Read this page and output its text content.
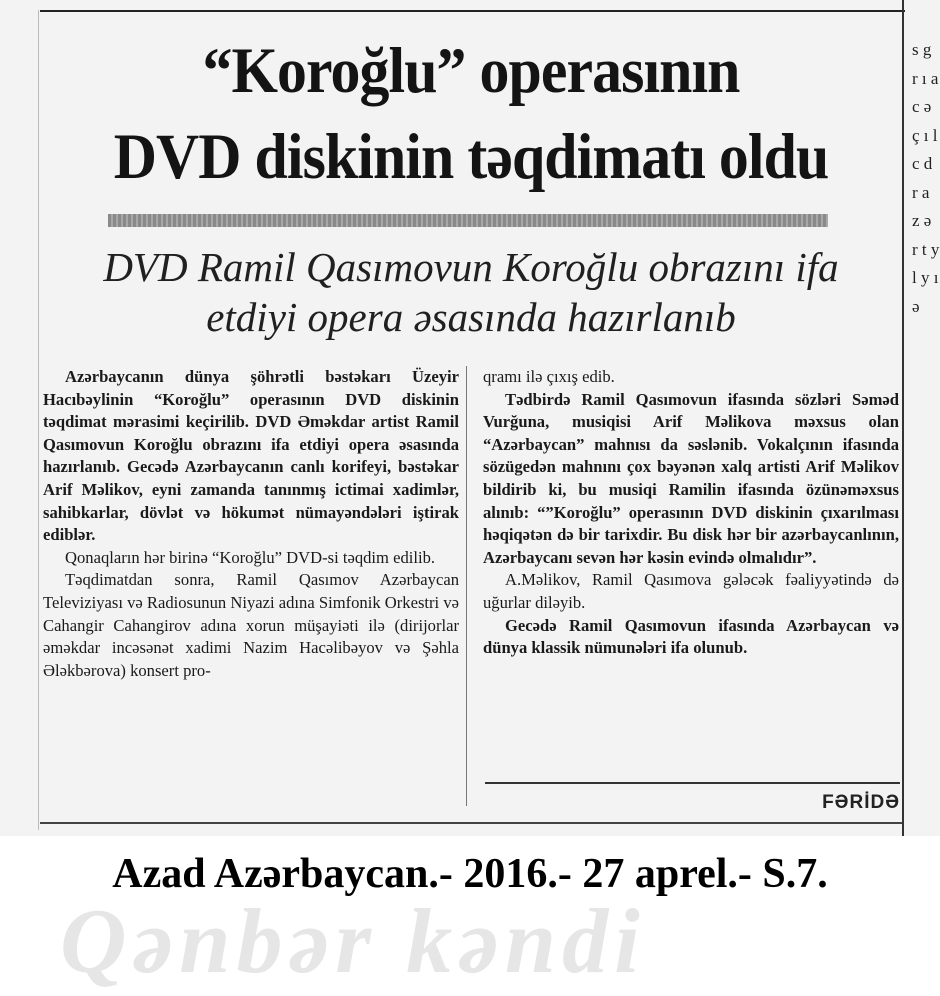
“Koroğlu” operasının
DVD diskinin təqdimatı oldu
DVD Ramil Qasımovun Koroğlu obrazını ifa
etdiyi opera əsasında hazırlanıb

Azərbaycanın dünya şöhrətli bəstəkarı Üzeyir Hacıbəylinin “Koroğlu” operasının DVD diskinin təqdimat mərasimi keçirilib. DVD Əməkdar artist Ramil Qasımovun Koroğlu obrazını ifa etdiyi opera əsasında hazırlanıb. Gecədə Azərbaycanın canlı korifeyi, bəstəkar Arif Məlikov, eyni zamanda tanınmış ictimai xadimlər, sahibkarlar, dövlət və hökumət nümayəndələri iştirak ediblər.

Qonaqların hər birinə “Koroğlu” DVD-si təqdim edilib.

Təqdimatdan sonra, Ramil Qasımov Azərbaycan Televiziyası və Radiosunun Niyazi adına Simfonik Orkestri və Cahangir Cahangirov adına xorun müşayiəti ilə (dirijorlar əməkdar incəsənət xadimi Nazim Hacəlibəyov və Şəhla Ələkbərova) konsert pro-

qramı ilə çıxış edib.

Tədbirdə Ramil Qasımovun ifasında sözləri Səməd Vurğuna, musiqisi Arif Məlikova məxsus olan “Azərbaycan” mahnısı da səslənib. Vokalçının ifasında sözügedən mahnını çox bəyənən xalq artisti Arif Məlikov bildirib ki, bu musiqi Ramilin ifasında özünəməxsus alınıb: “”Koroğlu” operasının DVD diskinin çıxarılması həqiqətən də bir tarixdir. Bu disk hər bir azərbaycanlının, Azərbaycanı sevən hər kəsin evində olmalıdır”.

A.Məlikov, Ramil Qasımova gələcək fəaliyyətində də uğurlar diləyib.

Gecədə Ramil Qasımovun ifasında Azərbaycan və dünya klassik nümunələri ifa olunub.

FƏRİDƏ
s g r ı a c ə ç ı l c d r a z ə r t y l y ı ə
Qənbər kəndi
Azad Azərbaycan.- 2016.- 27 aprel.- S.7.
